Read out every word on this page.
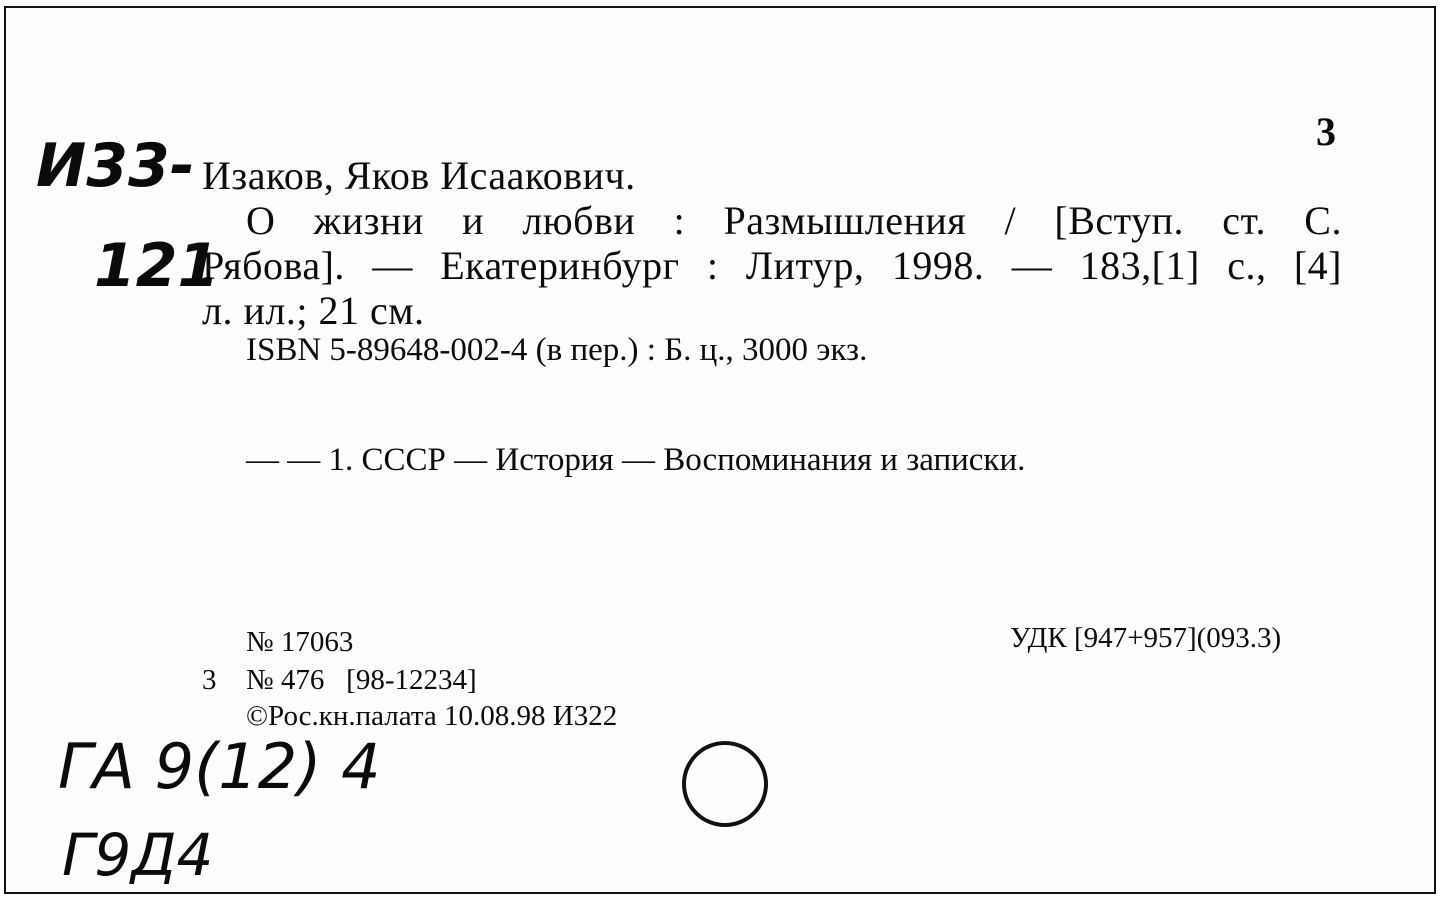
3
И33-
121
Изаков, Яков Исаакович.
О жизни и любви : Размышления / [Вступ. ст. С.
Рябова]. — Екатеринбург : Литур, 1998. — 183,[1] с., [4]
л. ил.; 21 см.
ISBN 5-89648-002-4 (в пер.) : Б. ц., 3000 экз.
— — 1. СССР — История — Воспоминания и записки.
№ 17063	УДК [947+957](093.3)
3 № 476   [98-12234]
©Рос.кн.палата 10.08.98 И322
ГА 9(12) 4
Г9Д4
